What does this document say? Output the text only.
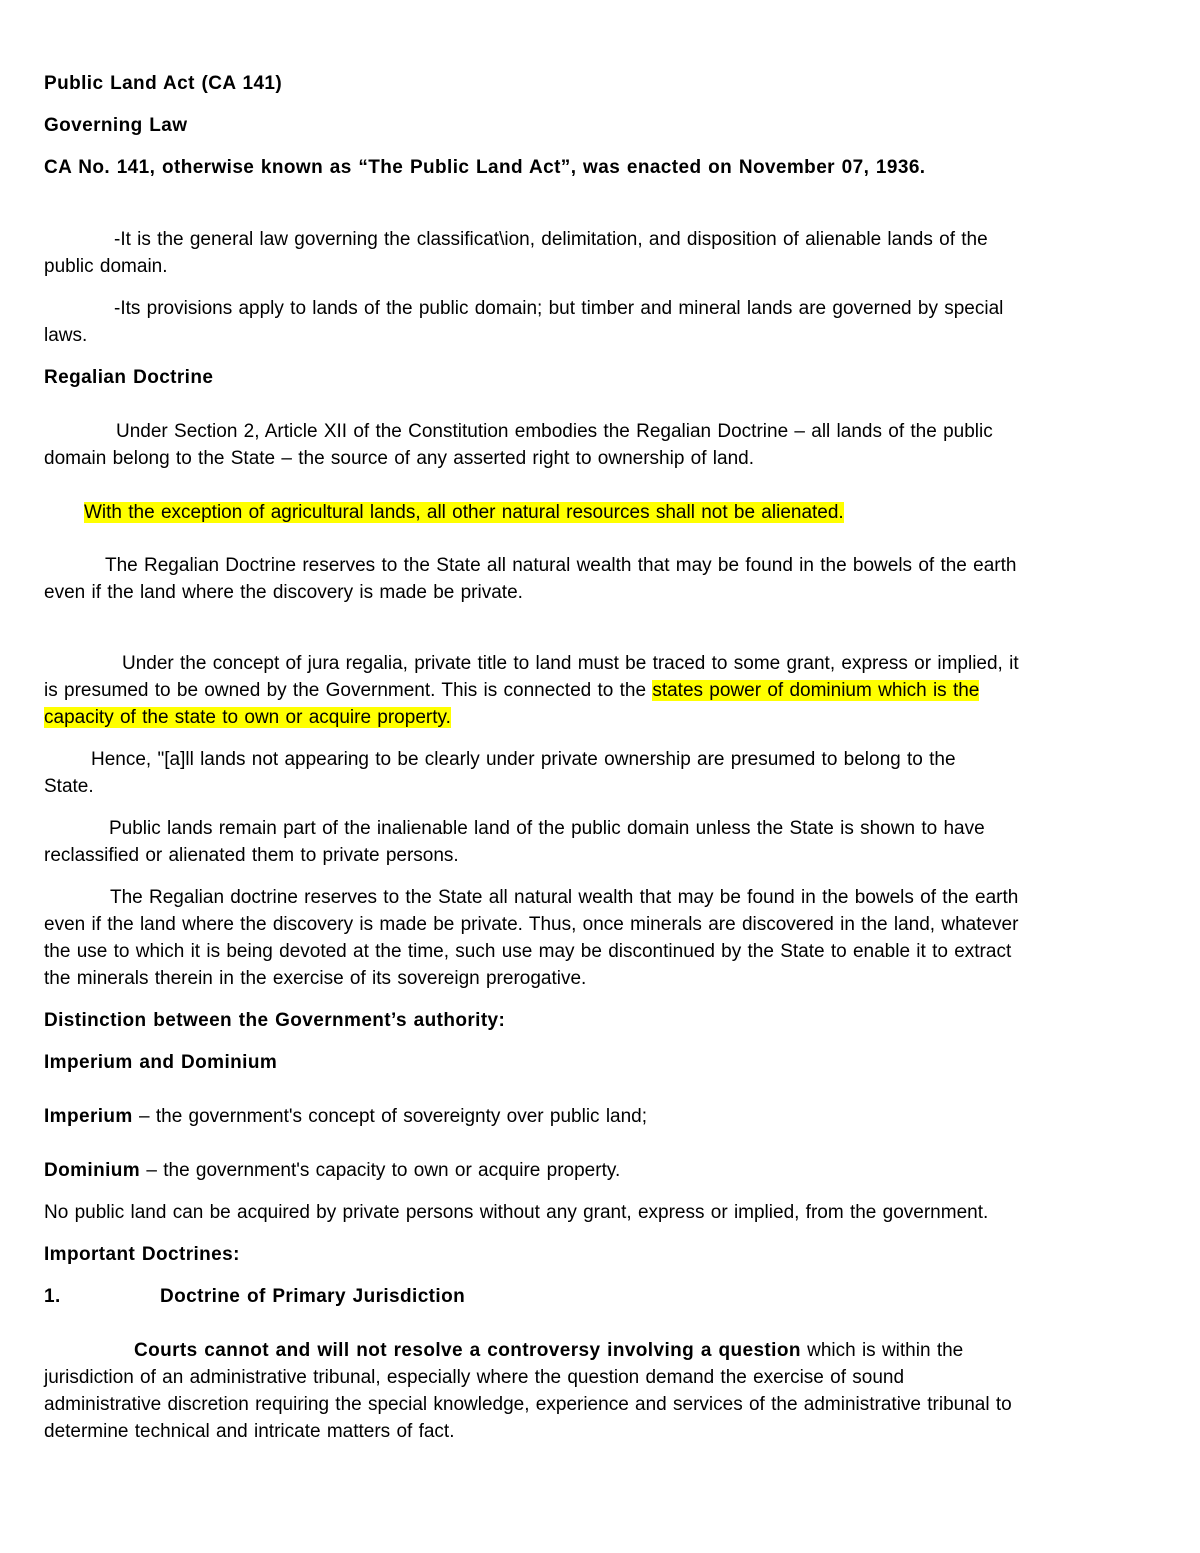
Public Land Act (CA 141)
Governing Law
CA No. 141, otherwise known as “The Public Land Act”, was enacted on November 07, 1936.
-It is the general law governing the classificat\ion, delimitation, and disposition of alienable lands of the
public domain.
-Its provisions apply to lands of the public domain; but timber and mineral lands are governed by special
laws.
Regalian Doctrine
Under Section 2, Article XII of the Constitution embodies the Regalian Doctrine – all lands of the public
domain belong to the State – the source of any asserted right to ownership of land.
With the exception of agricultural lands, all other natural resources shall not be alienated.
The Regalian Doctrine reserves to the State all natural wealth that may be found in the bowels of the earth
even if the land where the discovery is made be private.
Under the concept of jura regalia, private title to land must be traced to some grant, express or implied, it
is presumed to be owned by the Government. This is connected to the states power of dominium which is the
capacity of the state to own or acquire property.
Hence, "[a]ll lands not appearing to be clearly under private ownership are presumed to belong to the
State.
Public lands remain part of the inalienable land of the public domain unless the State is shown to have
reclassified or alienated them to private persons.
The Regalian doctrine reserves to the State all natural wealth that may be found in the bowels of the earth
even if the land where the discovery is made be private. Thus, once minerals are discovered in the land, whatever
the use to which it is being devoted at the time, such use may be discontinued by the State to enable it to extract
the minerals therein in the exercise of its sovereign prerogative.
Distinction between the Government’s authority:
Imperium and Dominium
Imperium – the government's concept of sovereignty over public land;
Dominium – the government's capacity to own or acquire property.
No public land can be acquired by private persons without any grant, express or implied, from the government.
Important Doctrines:
1.	Doctrine of Primary Jurisdiction
Courts cannot and will not resolve a controversy involving a question which is within the
jurisdiction of an administrative tribunal, especially where the question demand the exercise of sound
administrative discretion requiring the special knowledge, experience and services of the administrative tribunal to
determine technical and intricate matters of fact.
